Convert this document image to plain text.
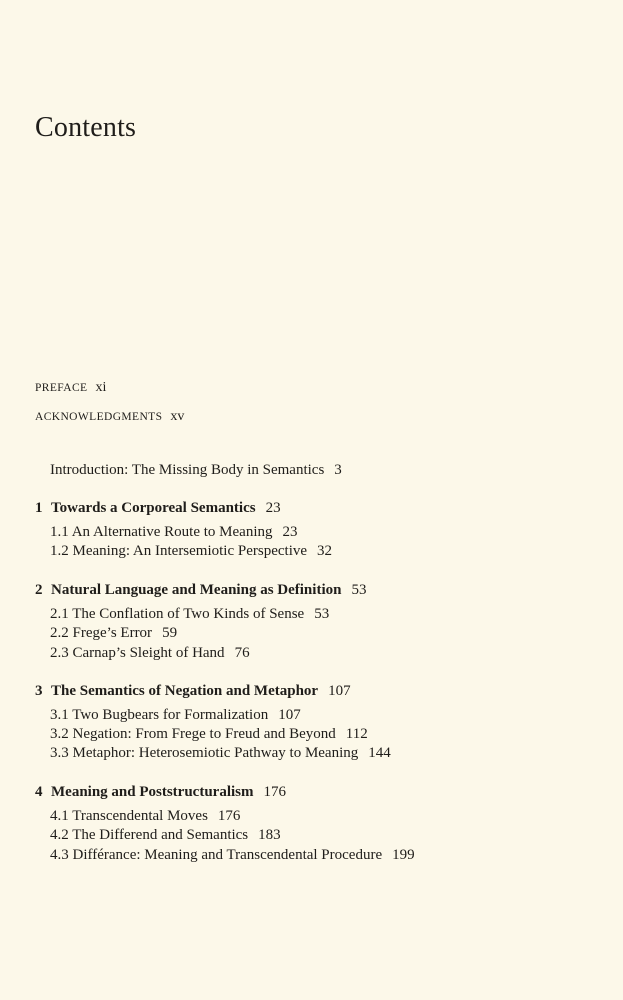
Contents
PREFACE xi
ACKNOWLEDGMENTS xv
Introduction: The Missing Body in Semantics 3
1 Towards a Corporeal Semantics 23
1.1 An Alternative Route to Meaning 23
1.2 Meaning: An Intersemiotic Perspective 32
2 Natural Language and Meaning as Definition 53
2.1 The Conflation of Two Kinds of Sense 53
2.2 Frege’s Error 59
2.3 Carnap’s Sleight of Hand 76
3 The Semantics of Negation and Metaphor 107
3.1 Two Bugbears for Formalization 107
3.2 Negation: From Frege to Freud and Beyond 112
3.3 Metaphor: Heterosemiotic Pathway to Meaning 144
4 Meaning and Poststructuralism 176
4.1 Transcendental Moves 176
4.2 The Differend and Semantics 183
4.3 Différance: Meaning and Transcendental Procedure 199
